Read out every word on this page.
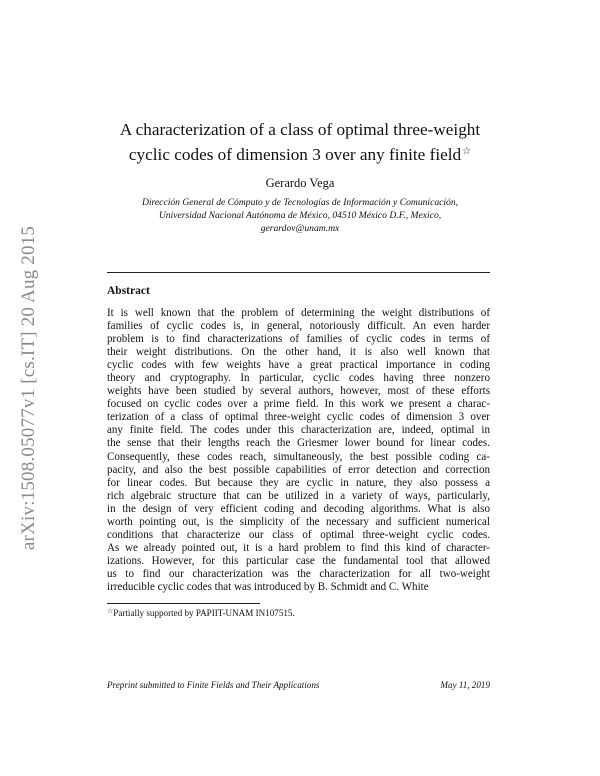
arXiv:1508.05077v1 [cs.IT] 20 Aug 2015
A characterization of a class of optimal three-weight
cyclic codes of dimension 3 over any finite field☆
Gerardo Vega
Dirección General de Cómputo y de Tecnologías de Información y Comunicación,
Universidad Nacional Autónoma de México, 04510 México D.F., Mexico,
gerardov@unam.mx
Abstract
It is well known that the problem of determining the weight distributions of
families of cyclic codes is, in general, notoriously difficult. An even harder
problem is to find characterizations of families of cyclic codes in terms of
their weight distributions. On the other hand, it is also well known that
cyclic codes with few weights have a great practical importance in coding
theory and cryptography. In particular, cyclic codes having three nonzero
weights have been studied by several authors, however, most of these efforts
focused on cyclic codes over a prime field. In this work we present a charac-
terization of a class of optimal three-weight cyclic codes of dimension 3 over
any finite field. The codes under this characterization are, indeed, optimal in
the sense that their lengths reach the Griesmer lower bound for linear codes.
Consequently, these codes reach, simultaneously, the best possible coding ca-
pacity, and also the best possible capabilities of error detection and correction
for linear codes. But because they are cyclic in nature, they also possess a
rich algebraic structure that can be utilized in a variety of ways, particularly,
in the design of very efficient coding and decoding algorithms. What is also
worth pointing out, is the simplicity of the necessary and sufficient numerical
conditions that characterize our class of optimal three-weight cyclic codes.
As we already pointed out, it is a hard problem to find this kind of character-
izations. However, for this particular case the fundamental tool that allowed
us to find our characterization was the characterization for all two-weight
irreducible cyclic codes that was introduced by B. Schmidt and C. White
☆Partially supported by PAPIIT-UNAM IN107515.
Preprint submitted to Finite Fields and Their Applications	May 11, 2019
